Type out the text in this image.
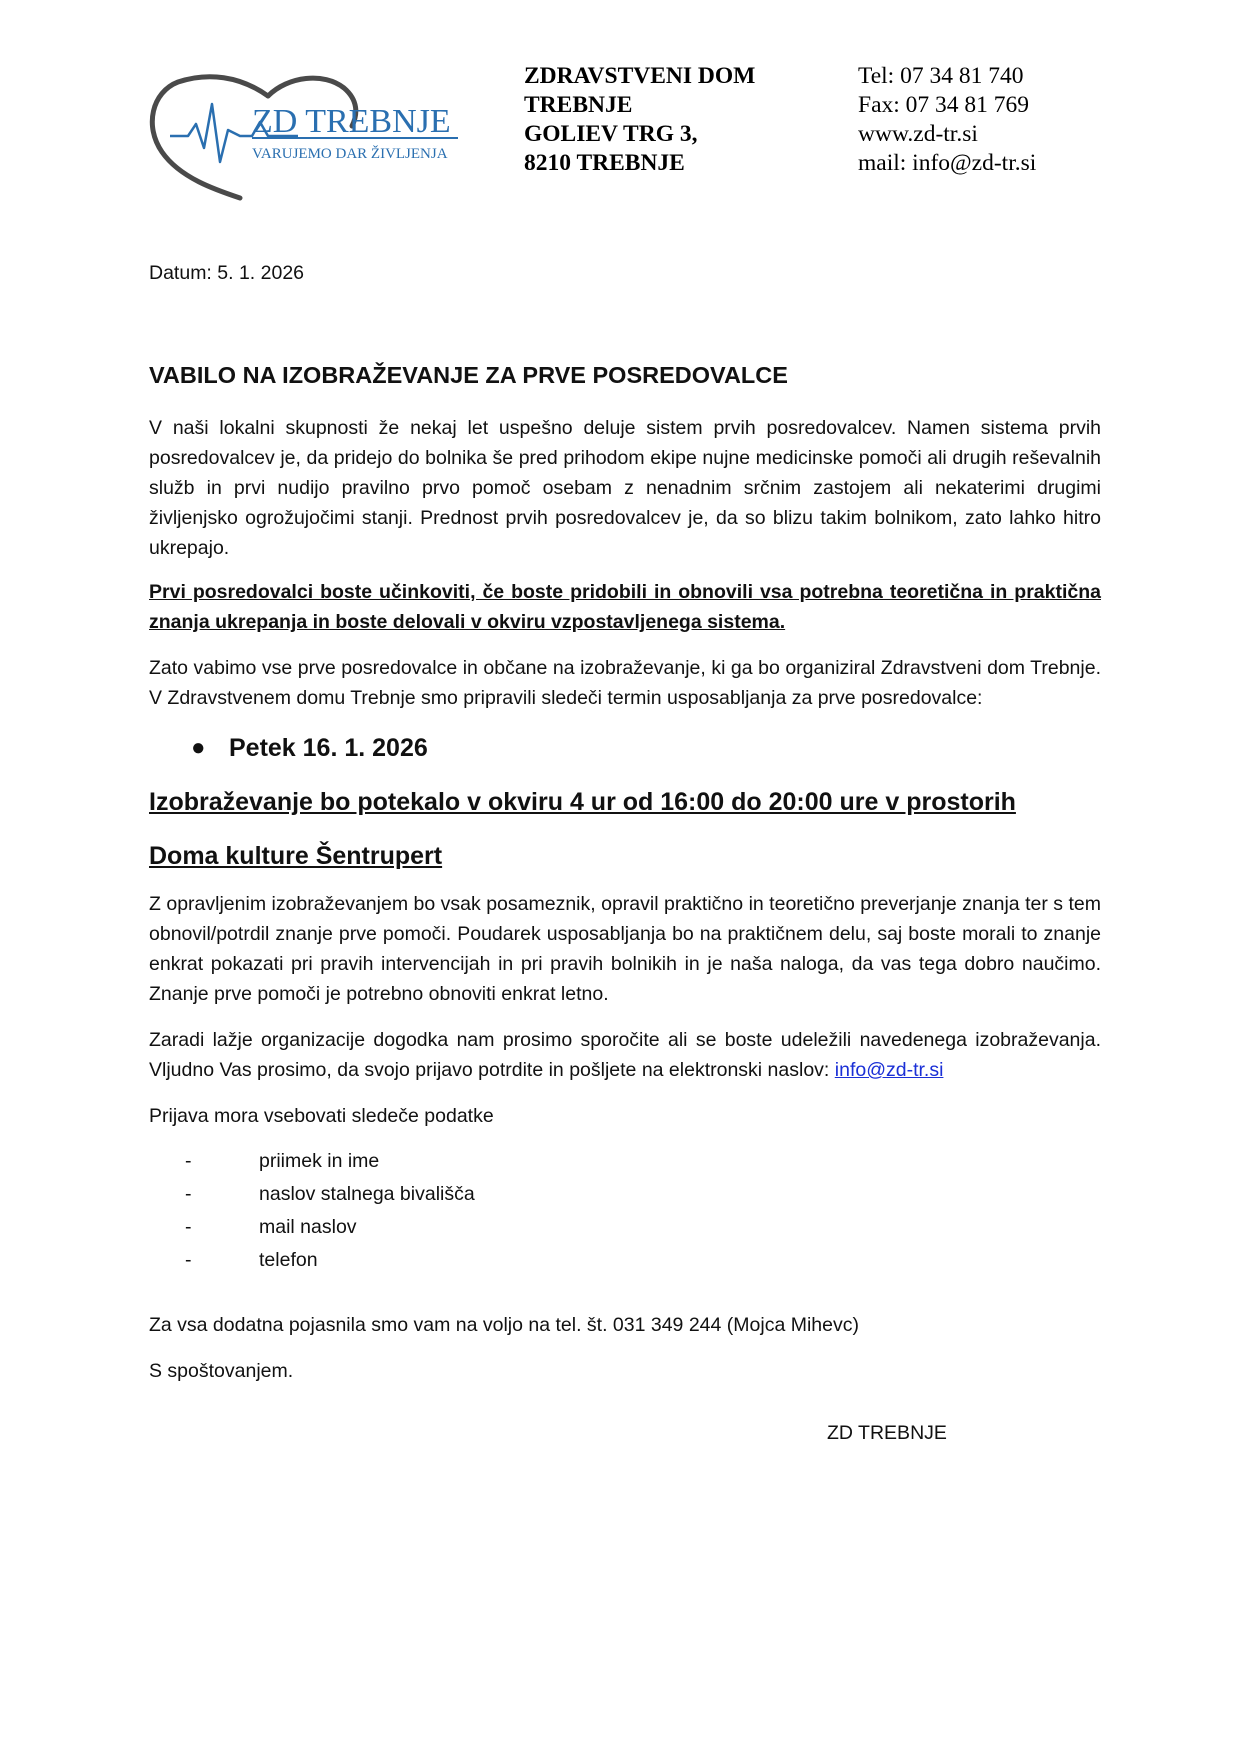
ZD TREBNJE
VARUJEMO DAR ŽIVLJENJA
ZDRAVSTVENI DOM
TREBNJE
GOLIEV TRG 3,
8210 TREBNJE
Tel: 07 34 81 740
Fax: 07 34 81 769
www.zd-tr.si
mail: info@zd-tr.si
Datum: 5. 1. 2026
VABILO NA IZOBRAŽEVANJE ZA PRVE POSREDOVALCE

V naši lokalni skupnosti že nekaj let uspešno deluje sistem prvih posredovalcev. Namen sistema prvih posredovalcev je, da pridejo do bolnika še pred prihodom ekipe nujne medicinske pomoči ali drugih reševalnih služb in prvi nudijo pravilno prvo pomoč osebam z nenadnim srčnim zastojem ali nekaterimi drugimi življenjsko ogrožujočimi stanji. Prednost prvih posredovalcev je, da so blizu takim bolnikom, zato lahko hitro ukrepajo.

Prvi posredovalci boste učinkoviti, če boste pridobili in obnovili vsa potrebna teoretična in praktična znanja ukrepanja in boste delovali v okviru vzpostavljenega sistema.

Zato vabimo vse prve posredovalce in občane na izobraževanje, ki ga bo organiziral Zdravstveni dom Trebnje. V Zdravstvenem domu Trebnje smo pripravili sledeči termin usposabljanja za prve posredovalce:

● Petek 16. 1. 2026
Izobraževanje bo potekalo v okviru 4 ur od 16:00 do 20:00 ure v prostorih
Doma kulture Šentrupert

Z opravljenim izobraževanjem bo vsak posameznik, opravil praktično in teoretično preverjanje znanja ter s tem obnovil/potrdil znanje prve pomoči. Poudarek usposabljanja bo na praktičnem delu, saj boste morali to znanje enkrat pokazati pri pravih intervencijah in pri pravih bolnikih in je naša naloga, da vas tega dobro naučimo. Znanje prve pomoči je potrebno obnoviti enkrat letno.

Zaradi lažje organizacije dogodka nam prosimo sporočite ali se boste udeležili navedenega izobraževanja. Vljudno Vas prosimo, da svojo prijavo potrdite in pošljete na elektronski naslov: info@zd-tr.si

Prijava mora vsebovati sledeče podatke

-	priimek in ime
-	naslov stalnega bivališča
-	mail naslov
-	telefon

Za vsa dodatna pojasnila smo vam na voljo na tel. št. 031 349 244 (Mojca Mihevc)

S spoštovanjem.

ZD TREBNJE
